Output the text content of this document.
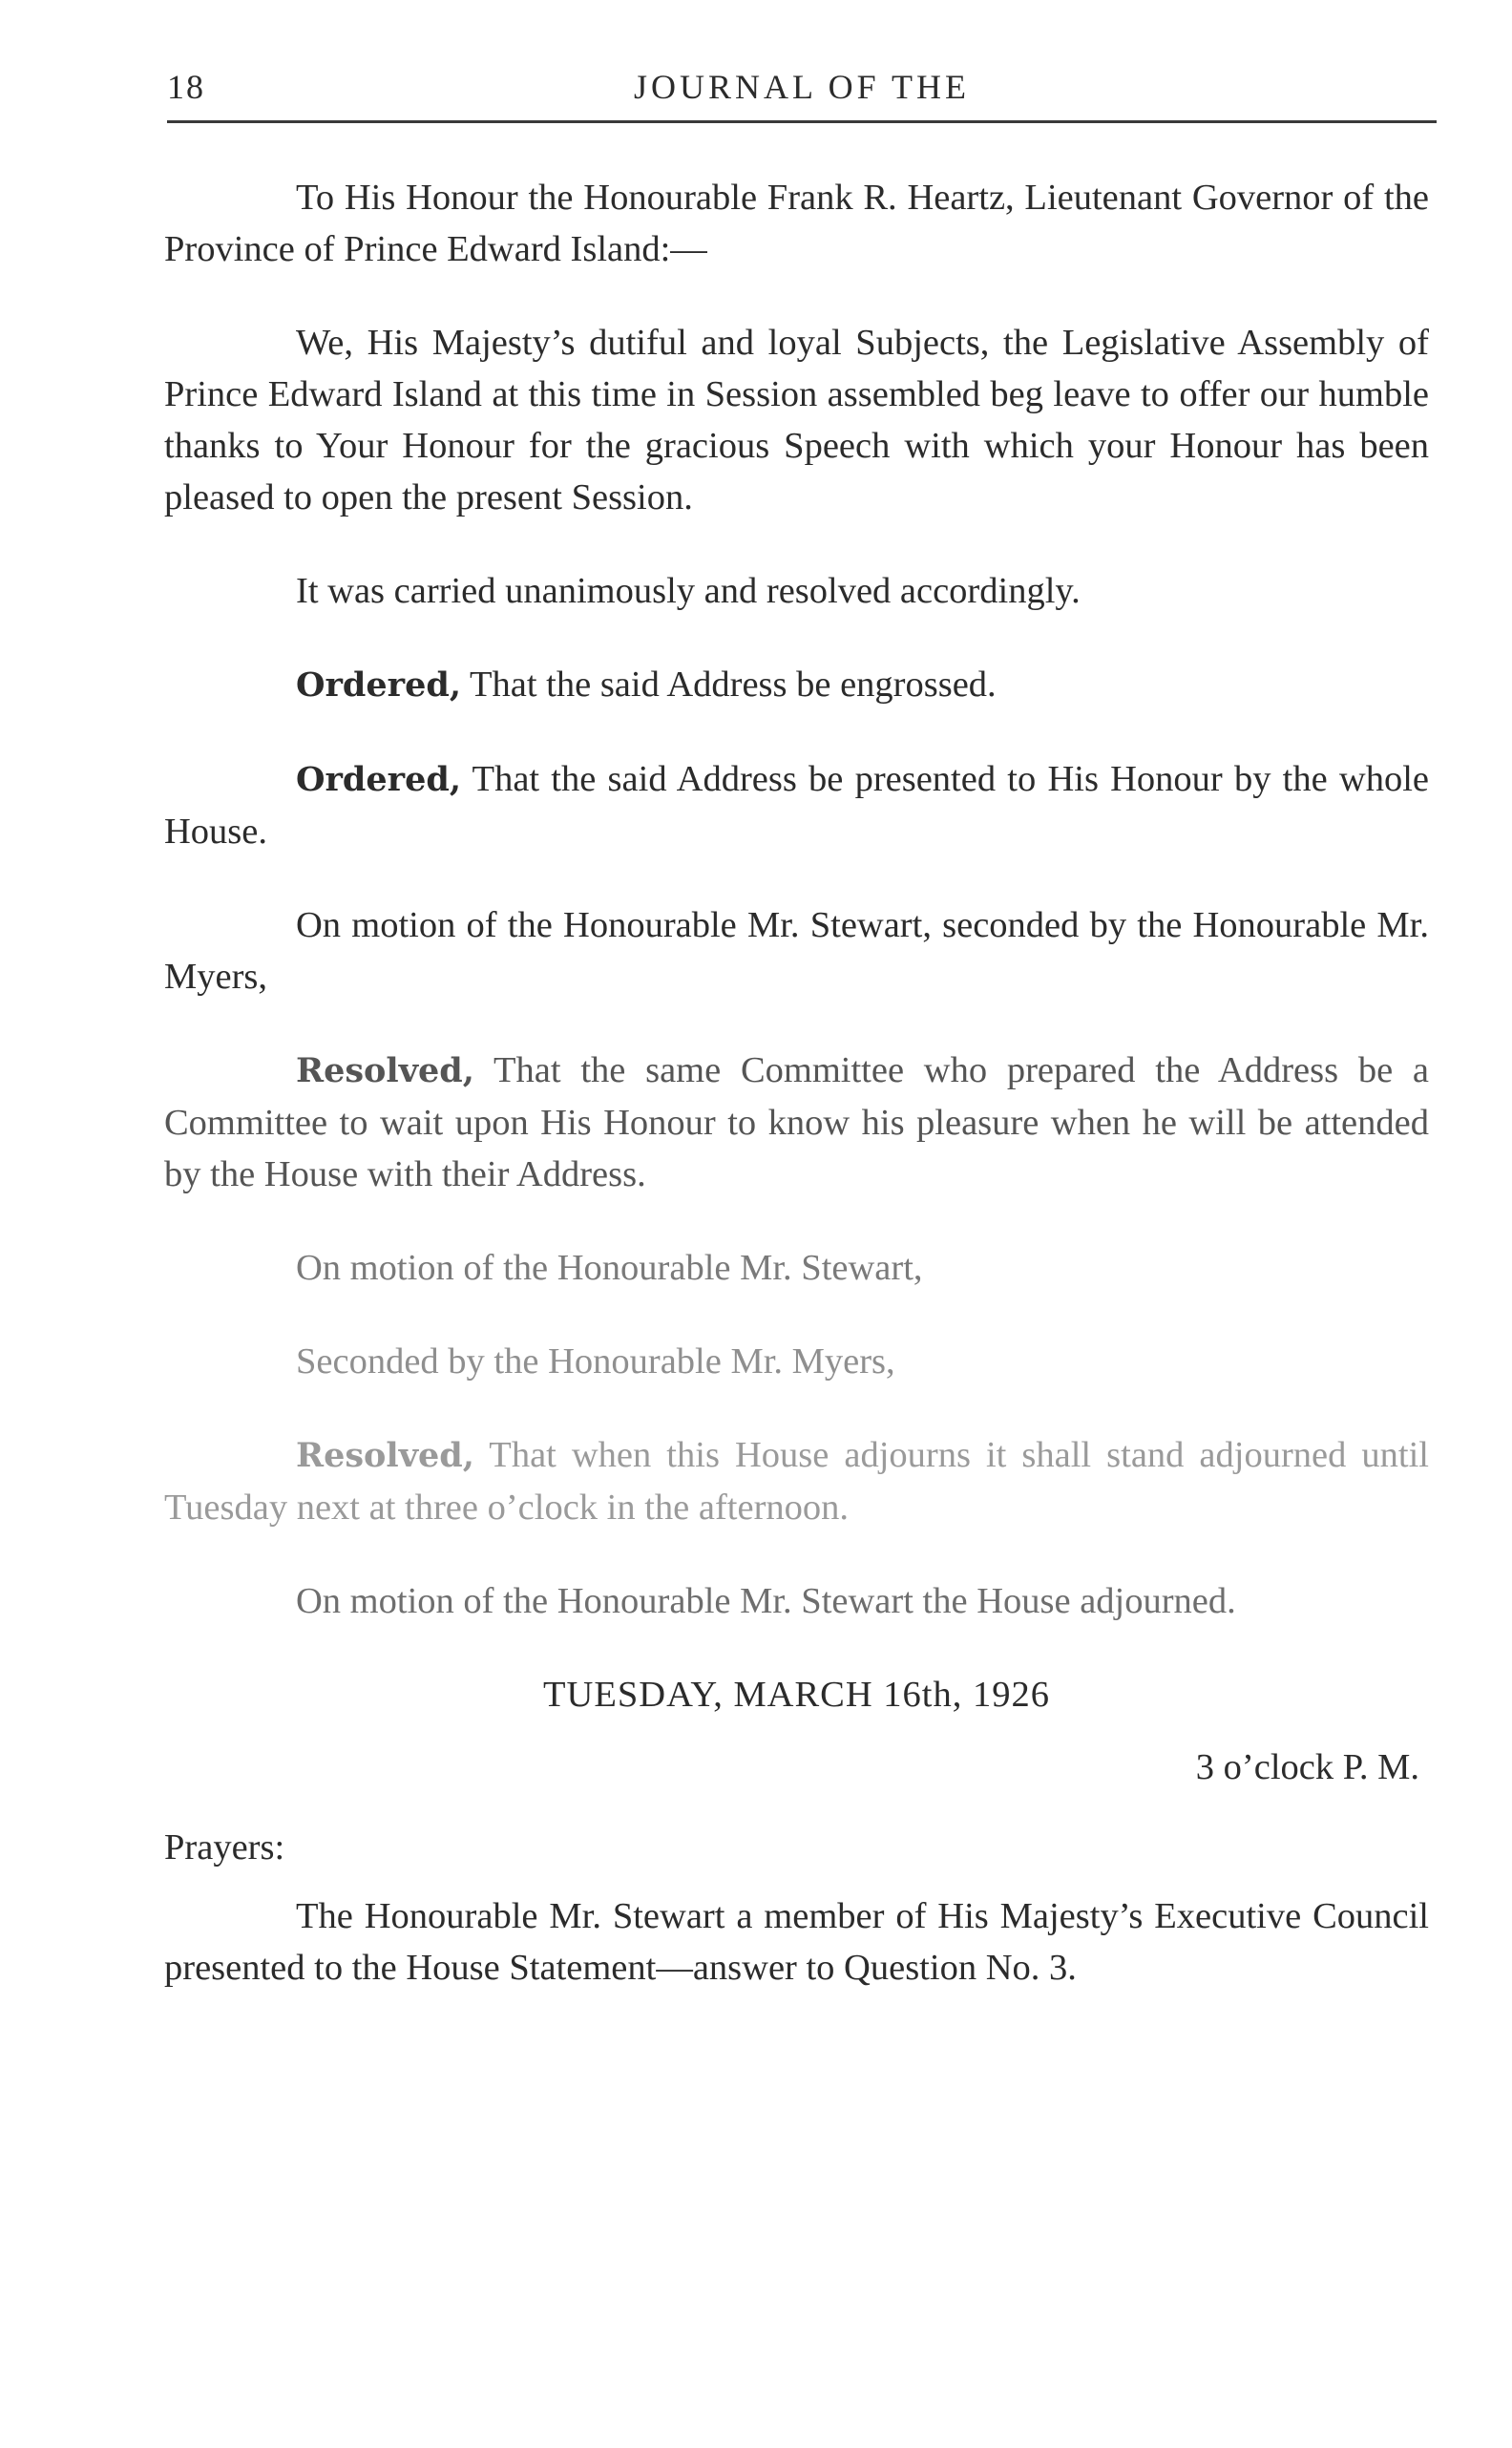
18	JOURNAL OF THE

To His Honour the Honourable Frank R. Heartz, Lieutenant Governor of the Province of Prince Edward Island:—

We, His Majesty’s dutiful and loyal Subjects, the Legislative Assembly of Prince Edward Island at this time in Session assembled beg leave to offer our humble thanks to Your Honour for the gracious Speech with which your Honour has been pleased to open the present Session.

It was carried unanimously and resolved accordingly.

Ordered, That the said Address be engrossed.

Ordered, That the said Address be presented to His Honour by the whole House.

On motion of the Honourable Mr. Stewart, seconded by the Honourable Mr. Myers,

Resolved, That the same Committee who prepared the Address be a Committee to wait upon His Honour to know his pleasure when he will be attended by the House with their Address.

On motion of the Honourable Mr. Stewart,

Seconded by the Honourable Mr. Myers,

Resolved, That when this House adjourns it shall stand adjourned until Tuesday next at three o’clock in the afternoon.

On motion of the Honourable Mr. Stewart the House adjourned.

TUESDAY, MARCH 16th, 1926
3 o’clock P. M.
Prayers:

The Honourable Mr. Stewart a member of His Majesty’s Executive Council presented to the House Statement—answer to Question No. 3.
